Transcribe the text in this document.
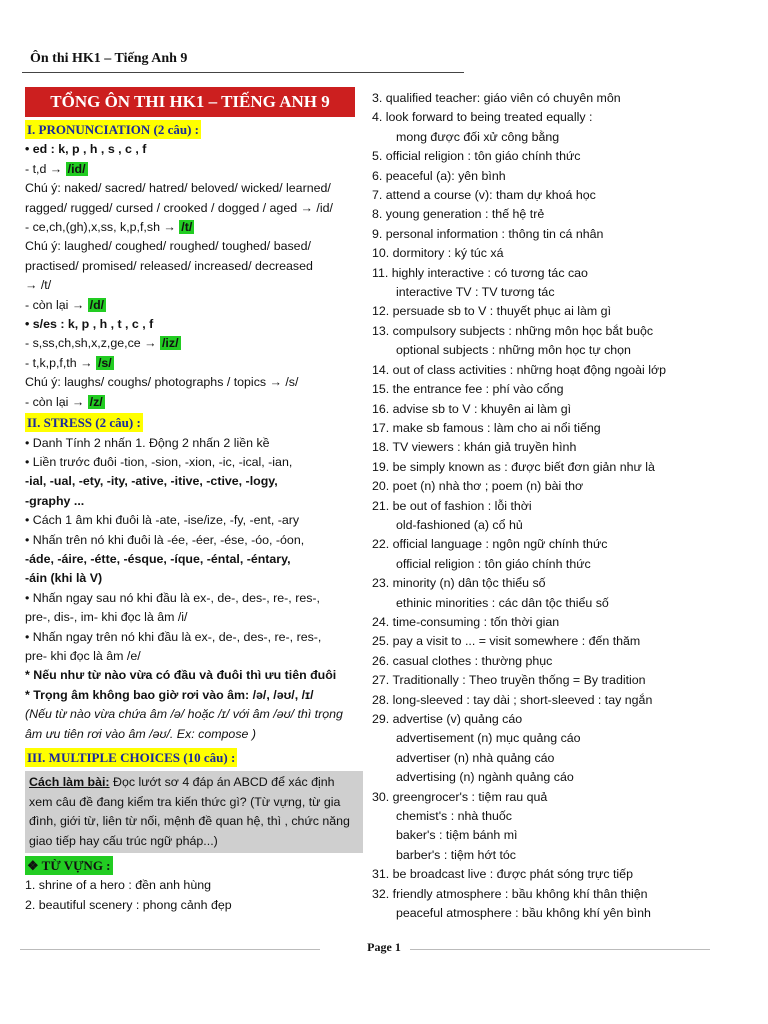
Ôn thi HK1 – Tiếng Anh 9
TỔNG ÔN THI HK1 – TIẾNG ANH 9
I. PRONUNCIATION (2 câu) :
• ed : k, p , h , s , c , f
- t,d → /id/
Chú ý: naked/ sacred/ hatred/ beloved/ wicked/ learned/
ragged/ rugged/ cursed / crooked / dogged / aged → /id/
- ce,ch,(gh),x,ss, k,p,f,sh → /t/
Chú ý: laughed/ coughed/ roughed/ toughed/ based/
practised/ promised/ released/ increased/ decreased
→ /t/
- còn lại → /d/
• s/es : k, p , h , t , c , f
- s,ss,ch,sh,x,z,ge,ce → /iz/
- t,k,p,f,th → /s/
Chú ý: laughs/ coughs/ photographs / topics → /s/
- còn lại → /z/
II. STRESS (2 câu) :
• Danh Tính 2 nhấn 1. Động 2 nhấn 2 liền kề
• Liền trước đuôi -tion, -sion, -xion, -ic, -ical, -ian,
-ial, -ual, -ety, -ity, -ative, -itive, -ctive, -logy,
-graphy ...
• Cách 1 âm khi đuôi là -ate, -ise/ize, -fy, -ent, -ary
• Nhấn trên nó khi đuôi là -ée, -éer, -ése, -óo, -óon,
-áde, -áire, -étte, -ésque, -íque, -éntal, -éntary,
-áin (khi là V)
• Nhấn ngay sau nó khi đầu là ex-, de-, des-, re-, res-,
pre-, dis-, im- khi đọc là âm /i/
• Nhấn ngay trên nó khi đầu là ex-, de-, des-, re-, res-,
pre- khi đọc là âm /e/
* Nếu như từ nào vừa có đầu và đuôi thì ưu tiên đuôi
* Trọng âm không bao giờ rơi vào âm: /ə/, /əʊ/, /ɪ/
(Nếu từ nào vừa chứa âm /ə/ hoặc /ɪ/ với âm /əʊ/ thì trọng
âm ưu tiên rơi vào âm /əʊ/. Ex: compose )
III. MULTIPLE CHOICES (10 câu) :
Cách làm bài: Đọc lướt sơ 4 đáp án ABCD để xác định xem câu đề đang kiểm tra kiến thức gì? (Từ vựng, từ gia đình, giới từ, liên từ nối, mệnh đề quan hệ, thì , chức năng giao tiếp hay cấu trúc ngữ pháp...)
❖ TỪ VỰNG :
1. shrine of a hero : đền anh hùng
2. beautiful scenery : phong cảnh đẹp
3. qualified teacher: giáo viên có chuyên môn
4. look forward to being treated equally :
mong được đối xử công bằng
5. official religion : tôn giáo chính thức
6. peaceful (a): yên bình
7. attend a course (v): tham dự khoá học
8. young generation : thế hệ trẻ
9. personal information : thông tin cá nhân
10. dormitory : ký túc xá
11. highly interactive : có tương tác cao
interactive TV : TV tương tác
12. persuade sb to V : thuyết phục ai làm gì
13. compulsory subjects : những môn học bắt buộc
optional subjects : những môn học tự chọn
14. out of class activities : những hoạt động ngoài lớp
15. the entrance fee : phí vào cổng
16. advise sb to V : khuyên ai làm gì
17. make sb famous : làm cho ai nổi tiếng
18. TV viewers : khán giả truyền hình
19. be simply known as : được biết đơn giản như là
20. poet (n) nhà thơ ; poem (n) bài thơ
21. be out of fashion : lỗi thời
old-fashioned (a) cổ hủ
22. official language : ngôn ngữ chính thức
official religion : tôn giáo chính thức
23. minority (n) dân tộc thiểu số
ethinic minorities : các dân tộc thiểu số
24. time-consuming : tốn thời gian
25. pay a visit to ... = visit somewhere : đến thăm
26. casual clothes : thường phục
27. Traditionally : Theo truyền thống = By tradition
28. long-sleeved : tay dài ; short-sleeved : tay ngắn
29. advertise (v) quảng cáo
advertisement (n) mục quảng cáo
advertiser (n) nhà quảng cáo
advertising (n) ngành quảng cáo
30. greengrocer's : tiệm rau quả
chemist's : nhà thuốc
baker's : tiệm bánh mì
barber's : tiệm hớt tóc
31. be broadcast live : được phát sóng trực tiếp
32. friendly atmosphere : bầu không khí thân thiện
peaceful atmosphere : bầu không khí yên bình
Page 1
